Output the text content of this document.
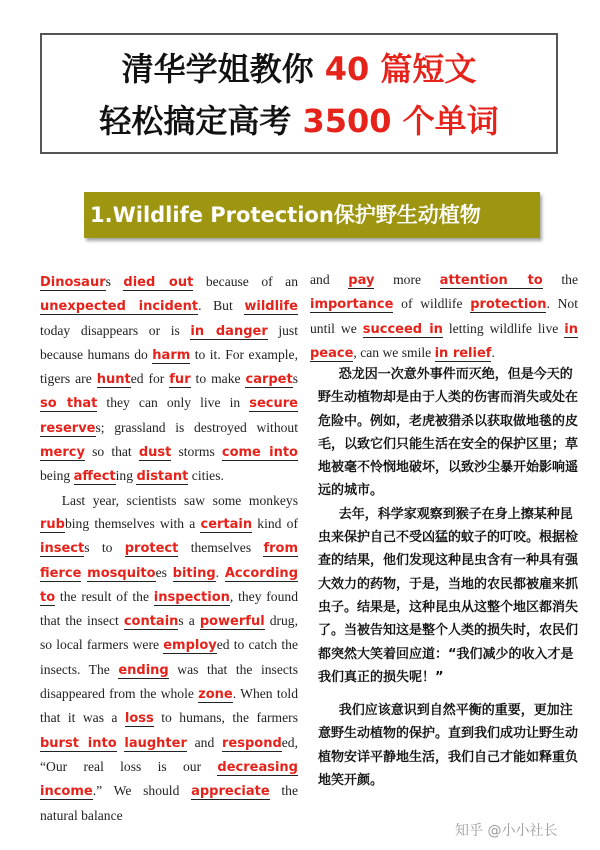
清华学姐教你 40 篇短文
轻松搞定高考 3500 个单词
1.Wildlife Protection保护野生动植物

Dinosaurs died out because of an unexpected incident. But wildlife today disappears or is in danger just because humans do harm to it. For example, tigers are hunted for fur to make carpets so that they can only live in secure reserves; grassland is destroyed without mercy so that dust storms come into being affecting distant cities.

Last year, scientists saw some monkeys rubbing themselves with a certain kind of insects to protect themselves from fierce mosquitoes biting. According to the result of the inspection, they found that the insect contains a powerful drug, so local farmers were employed to catch the insects. The ending was that the insects disappeared from the whole zone. When told that it was a loss to humans, the farmers burst into laughter and responded, “Our real loss is our decreasing income.” We should appreciate the natural balance

and pay more attention to the importance of wildlife protection. Not until we succeed in letting wildlife live in peace, can we smile in relief.

恐龙因一次意外事件而灭绝，但是今天的野生动植物却是由于人类的伤害而消失或处在危险中。例如，老虎被猎杀以获取做地毯的皮毛，以致它们只能生活在安全的保护区里；草地被毫不怜悯地破坏，以致沙尘暴开始影响遥远的城市。

去年，科学家观察到猴子在身上擦某种昆虫来保护自己不受凶猛的蚊子的叮咬。根据检查的结果，他们发现这种昆虫含有一种具有强大效力的药物，于是，当地的农民都被雇来抓虫子。结果是，这种昆虫从这整个地区都消失了。当被告知这是整个人类的损失时，农民们都突然大笑着回应道：“我们减少的收入才是我们真正的损失呢！”

我们应该意识到自然平衡的重要，更加注意野生动植物的保护。直到我们成功让野生动植物安详平静地生活，我们自己才能如释重负地笑开颜。

知乎 @小小社长
